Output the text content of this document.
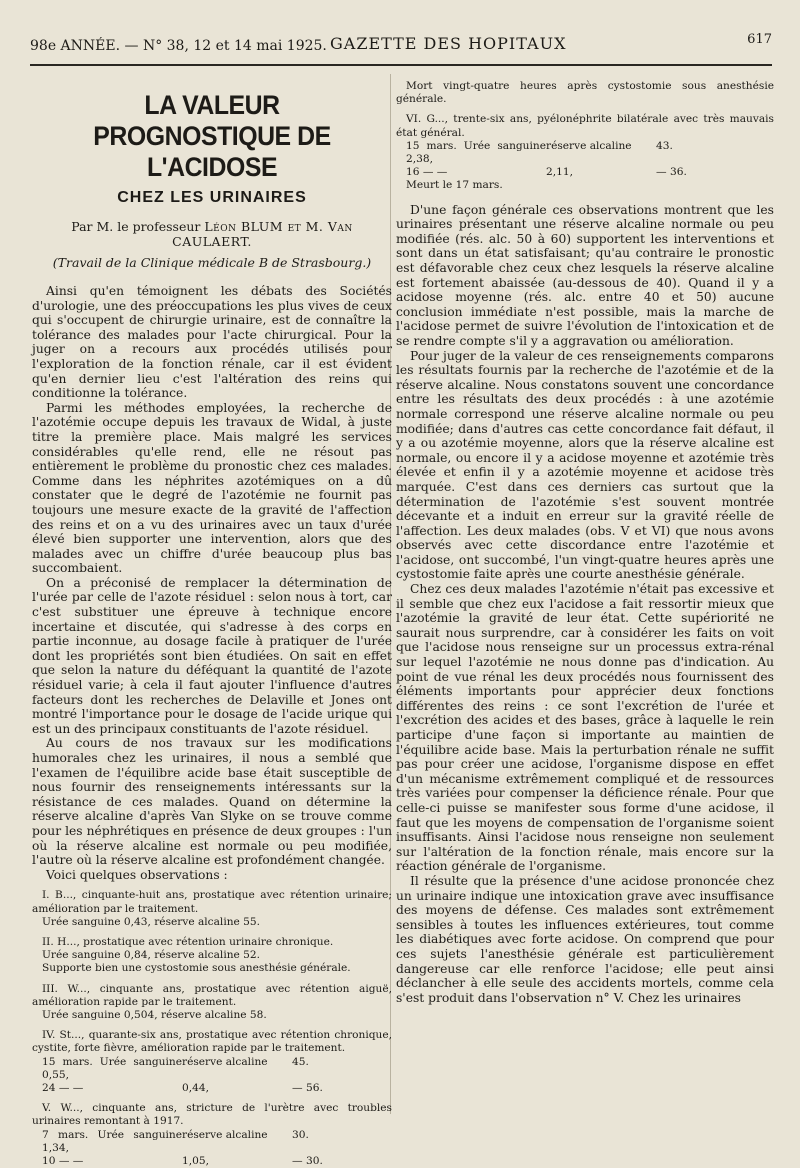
98e ANNÉE. — N° 38, 12 et 14 mai 1925. GAZETTE DES HOPITAUX	617
LA VALEUR PROGNOSTIQUE DE L'ACIDOSE
CHEZ LES URINAIRES
Par M. le professeur Léon BLUM et M. Van CAULAERT.
(Travail de la Clinique médicale B de Strasbourg.)

Ainsi qu'en témoignent les débats des Sociétés d'urologie, une des préoccupations les plus vives de ceux qui s'occupent de chirurgie urinaire, est de connaître la tolérance des malades pour l'acte chirurgical. Pour la juger on a recours aux procédés utilisés pour l'exploration de la fonction rénale, car il est évident qu'en dernier lieu c'est l'altération des reins qui conditionne la tolérance.

Parmi les méthodes employées, la recherche de l'azotémie occupe depuis les travaux de Widal, à juste titre la première place. Mais malgré les services considérables qu'elle rend, elle ne résout pas entièrement le problème du pronostic chez ces malades. Comme dans les néphrites azotémiques on a dû constater que le degré de l'azotémie ne fournit pas toujours une mesure exacte de la gravité de l'affection des reins et on a vu des urinaires avec un taux d'urée élevé bien supporter une intervention, alors que des malades avec un chiffre d'urée beaucoup plus bas succombaient.

On a préconisé de remplacer la détermination de l'urée par celle de l'azote résiduel : selon nous à tort, car c'est substituer une épreuve à technique encore incertaine et discutée, qui s'adresse à des corps en partie inconnue, au dosage facile à pratiquer de l'urée dont les propriétés sont bien étudiées. On sait en effet que selon la nature du déféquant la quantité de l'azote résiduel varie; à cela il faut ajouter l'influence d'autres facteurs dont les recherches de Delaville et Jones ont montré l'importance pour le dosage de l'acide urique qui est un des principaux constituants de l'azote résiduel.

Au cours de nos travaux sur les modifications humorales chez les urinaires, il nous a semblé que l'examen de l'équilibre acide base était susceptible de nous fournir des renseignements intéressants sur la résistance de ces malades. Quand on détermine la réserve alcaline d'après Van Slyke on se trouve comme pour les néphrétiques en présence de deux groupes : l'un où la réserve alcaline est normale ou peu modifiée, l'autre où la réserve alcaline est profondément changée.

Voici quelques observations :

I. B..., cinquante-huit ans, prostatique avec rétention urinaire; amélioration par le traitement.

Urée sanguine 0,43, réserve alcaline 55.

II. H..., prostatique avec rétention urinaire chronique.

Urée sanguine 0,84, réserve alcaline 52.

Supporte bien une cystostomie sous anesthésie générale.

III. W..., cinquante ans, prostatique avec rétention aiguë, amélioration rapide par le traitement.

Urée sanguine 0,504, réserve alcaline 58.

IV. St..., quarante-six ans, prostatique avec rétention chronique, cystite, forte fièvre, amélioration rapide par le traitement.

15 mars. Urée sanguine 0,55,
réserve alcaline	45.
24 — —	0,44,	— 56.

V. W..., cinquante ans, stricture de l'urètre avec troubles urinaires remontant à 1917.

7 mars. Urée sanguine 1,34,
réserve alcaline	30.
10 — —	1,05,	— 30.

Mort vingt-quatre heures après cystostomie sous anesthésie générale.

VI. G..., trente-six ans, pyélonéphrite bilatérale avec très mauvais état général.

15 mars. Urée sanguine 2,38,
réserve alcaline	43.
16 — —	2,11,	— 36.

Meurt le 17 mars.

D'une façon générale ces observations montrent que les urinaires présentant une réserve alcaline normale ou peu modifiée (rés. alc. 50 à 60) supportent les interventions et sont dans un état satisfaisant; qu'au contraire le pronostic est défavorable chez ceux chez lesquels la réserve alcaline est fortement abaissée (au-dessous de 40). Quand il y a acidose moyenne (rés. alc. entre 40 et 50) aucune conclusion immédiate n'est possible, mais la marche de l'acidose permet de suivre l'évolution de l'intoxication et de se rendre compte s'il y a aggravation ou amélioration.

Pour juger de la valeur de ces renseignements comparons les résultats fournis par la recherche de l'azotémie et de la réserve alcaline. Nous constatons souvent une concordance entre les résultats des deux procédés : à une azotémie normale correspond une réserve alcaline normale ou peu modifiée; dans d'autres cas cette concordance fait défaut, il y a ou azotémie moyenne, alors que la réserve alcaline est normale, ou encore il y a acidose moyenne et azotémie très élevée et enfin il y a azotémie moyenne et acidose très marquée. C'est dans ces derniers cas surtout que la détermination de l'azotémie s'est souvent montrée décevante et a induit en erreur sur la gravité réelle de l'affection. Les deux malades (obs. V et VI) que nous avons observés avec cette discordance entre l'azotémie et l'acidose, ont succombé, l'un vingt-quatre heures après une cystostomie faite après une courte anesthésie générale.

Chez ces deux malades l'azotémie n'était pas excessive et il semble que chez eux l'acidose a fait ressortir mieux que l'azotémie la gravité de leur état. Cette supériorité ne saurait nous surprendre, car à considérer les faits on voit que l'acidose nous renseigne sur un processus extra-rénal sur lequel l'azotémie ne nous donne pas d'indication. Au point de vue rénal les deux procédés nous fournissent des éléments importants pour apprécier deux fonctions différentes des reins : ce sont l'excrétion de l'urée et l'excrétion des acides et des bases, grâce à laquelle le rein participe d'une façon si importante au maintien de l'équilibre acide base. Mais la perturbation rénale ne suffit pas pour créer une acidose, l'organisme dispose en effet d'un mécanisme extrêmement compliqué et de ressources très variées pour compenser la déficience rénale. Pour que celle-ci puisse se manifester sous forme d'une acidose, il faut que les moyens de compensation de l'organisme soient insuffisants. Ainsi l'acidose nous renseigne non seulement sur l'altération de la fonction rénale, mais encore sur la réaction générale de l'organisme.

Il résulte que la présence d'une acidose prononcée chez un urinaire indique une intoxication grave avec insuffisance des moyens de défense. Ces malades sont extrêmement sensibles à toutes les influences extérieures, tout comme les diabétiques avec forte acidose. On comprend que pour ces sujets l'anesthésie générale est particulièrement dangereuse car elle renforce l'acidose; elle peut ainsi déclancher à elle seule des accidents mortels, comme cela s'est produit dans l'observation n° V. Chez les urinaires
